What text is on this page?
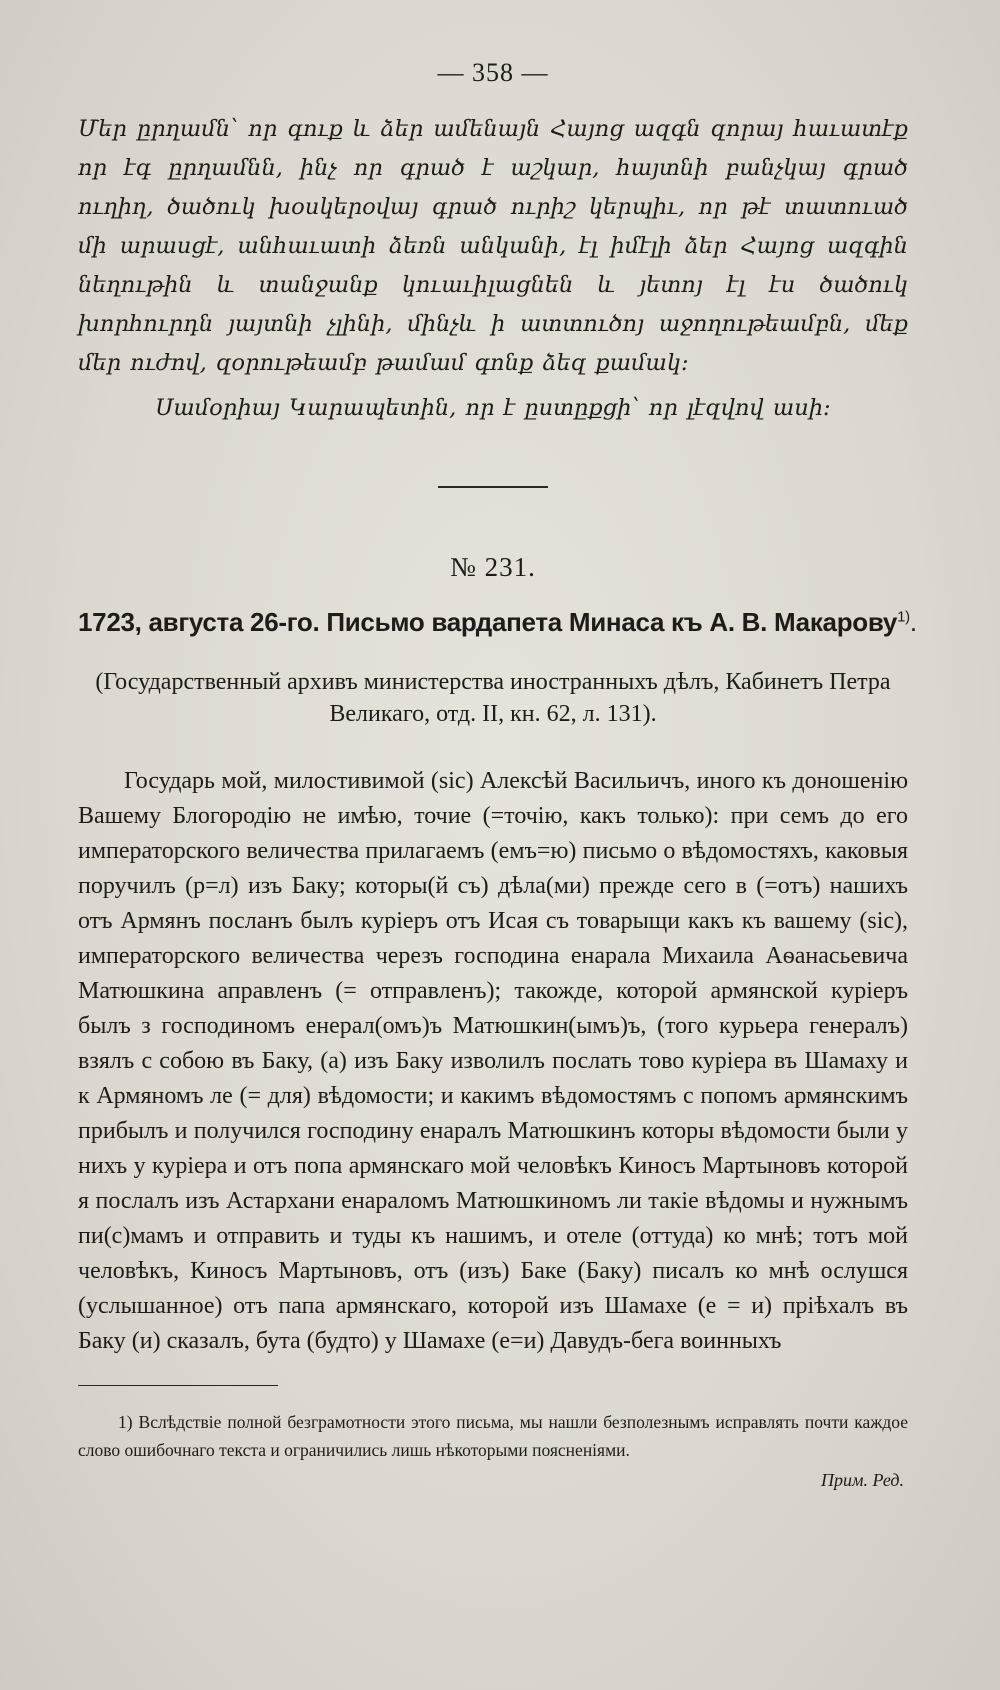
— 358 —

Մեր ըրղամն՝ որ գուք և ձեր ամենայն Հայոց ազգն զորայ հաւատէք որ էգ ըրղամնն, ինչ որ գրած է աշկար, հայտնի բանչկայ գրած ուղիղ, ծածուկ խօսկերօվայ գրած ուրիշ կերպիւ, որ թէ տատուած մի արասցէ, անհաւատի ձեռն անկանի, էլ իմէլի ձեր Հայոց ազգին նեղութին և տանջանք կուաւիլացնեն և յետոյ էլ էս ծածուկ խորհուրդն յայտնի չլինի, մինչև ի ատտուծոյ աջողութեամբն, մեք մեր ուժով, զօրութեամբ թամամ գոնք ձեզ քամակ։

Սամօրիայ Կարապետին, որ է ըստըքցի՝ որ լէզվով ասի։

№ 231.
1723, августа 26-го. Письмо вардапета Минаса къ А. В. Макарову$^{1)}$.
(Государственный архивъ министерства иностранныхъ дѣлъ, Кабинетъ Петра Великаго, отд. II, кн. 62, л. 131).
Государь мой, милостивимой (sic) Алексѣй Васильичъ, иного къ доношенію Вашему Блогородію не имѣю, точие (=точію, какъ только): при семъ до его императорского величества прилагаемъ (емъ=ю) письмо о вѣдомостяхъ, каковыя поручилъ (р=л) изъ Баку; которы(й съ) дѣла(ми) прежде сего в (=отъ) нашихъ отъ Армянъ посланъ былъ куріеръ отъ Исая съ товарыщи какъ къ вашему (sic), императорского величества черезъ господина енарала Михаила Аѳанасьевича Матюшкина аправленъ (= отправленъ); такожде, которой армянской куріеръ былъ з господиномъ енерал(омъ)ъ Матюшкин(ымъ)ъ, (того курьера генералъ) взялъ с собою въ Баку, (а) изъ Баку изволилъ послать тово куріера въ Шамаху и к Армяномъ ле (= для) вѣдомости; и какимъ вѣдомостямъ с попомъ армянскимъ прибылъ и получился господину енаралъ Матюшкинъ которы вѣдомости были у нихъ у куріера и отъ попа армянскаго мой человѣкъ Киносъ Мартыновъ которой я послалъ изъ Астархани енараломъ Матюшкиномъ ли такіе вѣдомы и нужнымъ пи(с)мамъ и отправить и туды къ нашимъ, и отеле (оттуда) ко мнѣ; тотъ мой человѣкъ, Киносъ Мартыновъ, отъ (изъ) Баке (Баку) писалъ ко мнѣ ослушся (услышанное) отъ папа армянскаго, которой изъ Шамахе (е = и) пріѣхалъ въ Баку (и) сказалъ, бута (будто) у Шамахе (е=и) Давудъ-бега воинныхъ
1) Вслѣдствіе полной безграмотности этого письма, мы нашли безполезнымъ исправлять почти каждое слово ошибочнаго текста и ограничились лишь нѣкоторыми поясненіями.
Прим. Ред.
